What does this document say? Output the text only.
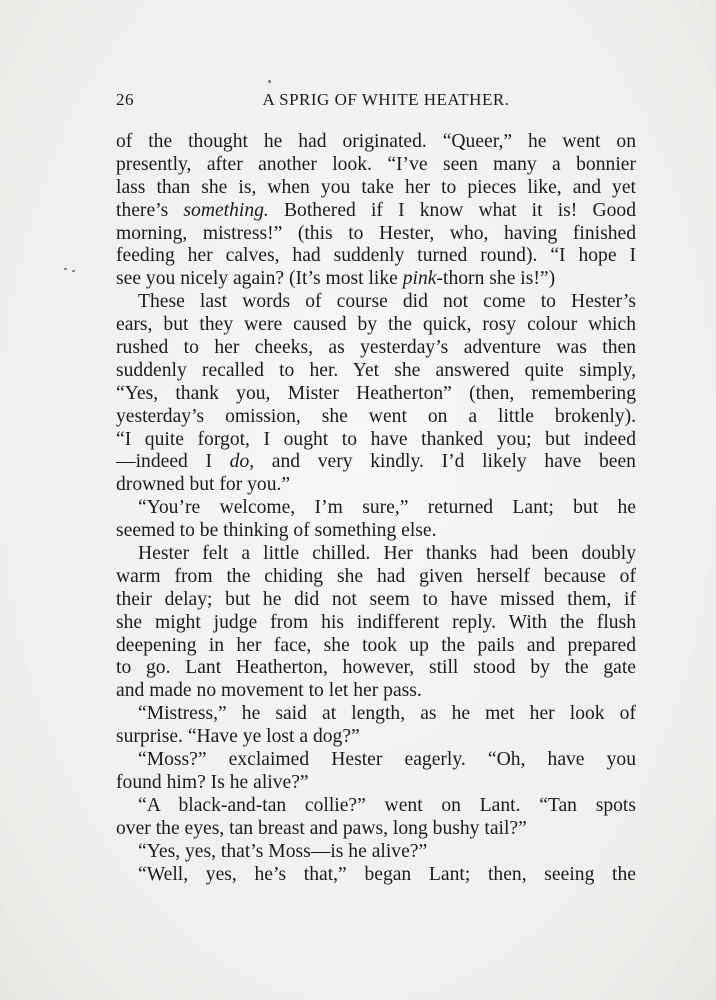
26	A SPRIG OF WHITE HEATHER.
of the thought he had originated. “Queer,” he went on
presently, after another look. “I’ve seen many a bonnier
lass than she is, when you take her to pieces like, and yet
there’s something. Bothered if I know what it is! Good
morning, mistress!” (this to Hester, who, having finished
feeding her calves, had suddenly turned round). “I hope I
see you nicely again? (It’s most like pink-thorn she is!”)
These last words of course did not come to Hester’s
ears, but they were caused by the quick, rosy colour which
rushed to her cheeks, as yesterday’s adventure was then
suddenly recalled to her. Yet she answered quite simply,
“Yes, thank you, Mister Heatherton” (then, remembering
yesterday’s omission, she went on a little brokenly).
“I quite forgot, I ought to have thanked you; but indeed
—indeed I do, and very kindly. I’d likely have been
drowned but for you.”
“You’re welcome, I’m sure,” returned Lant; but he
seemed to be thinking of something else.
Hester felt a little chilled. Her thanks had been doubly
warm from the chiding she had given herself because of
their delay; but he did not seem to have missed them, if
she might judge from his indifferent reply. With the flush
deepening in her face, she took up the pails and prepared
to go. Lant Heatherton, however, still stood by the gate
and made no movement to let her pass.
“Mistress,” he said at length, as he met her look of
surprise. “Have ye lost a dog?”
“Moss?” exclaimed Hester eagerly. “Oh, have you
found him? Is he alive?”
“A black-and-tan collie?” went on Lant. “Tan spots
over the eyes, tan breast and paws, long bushy tail?”
“Yes, yes, that’s Moss—is he alive?”
“Well, yes, he’s that,” began Lant; then, seeing the
